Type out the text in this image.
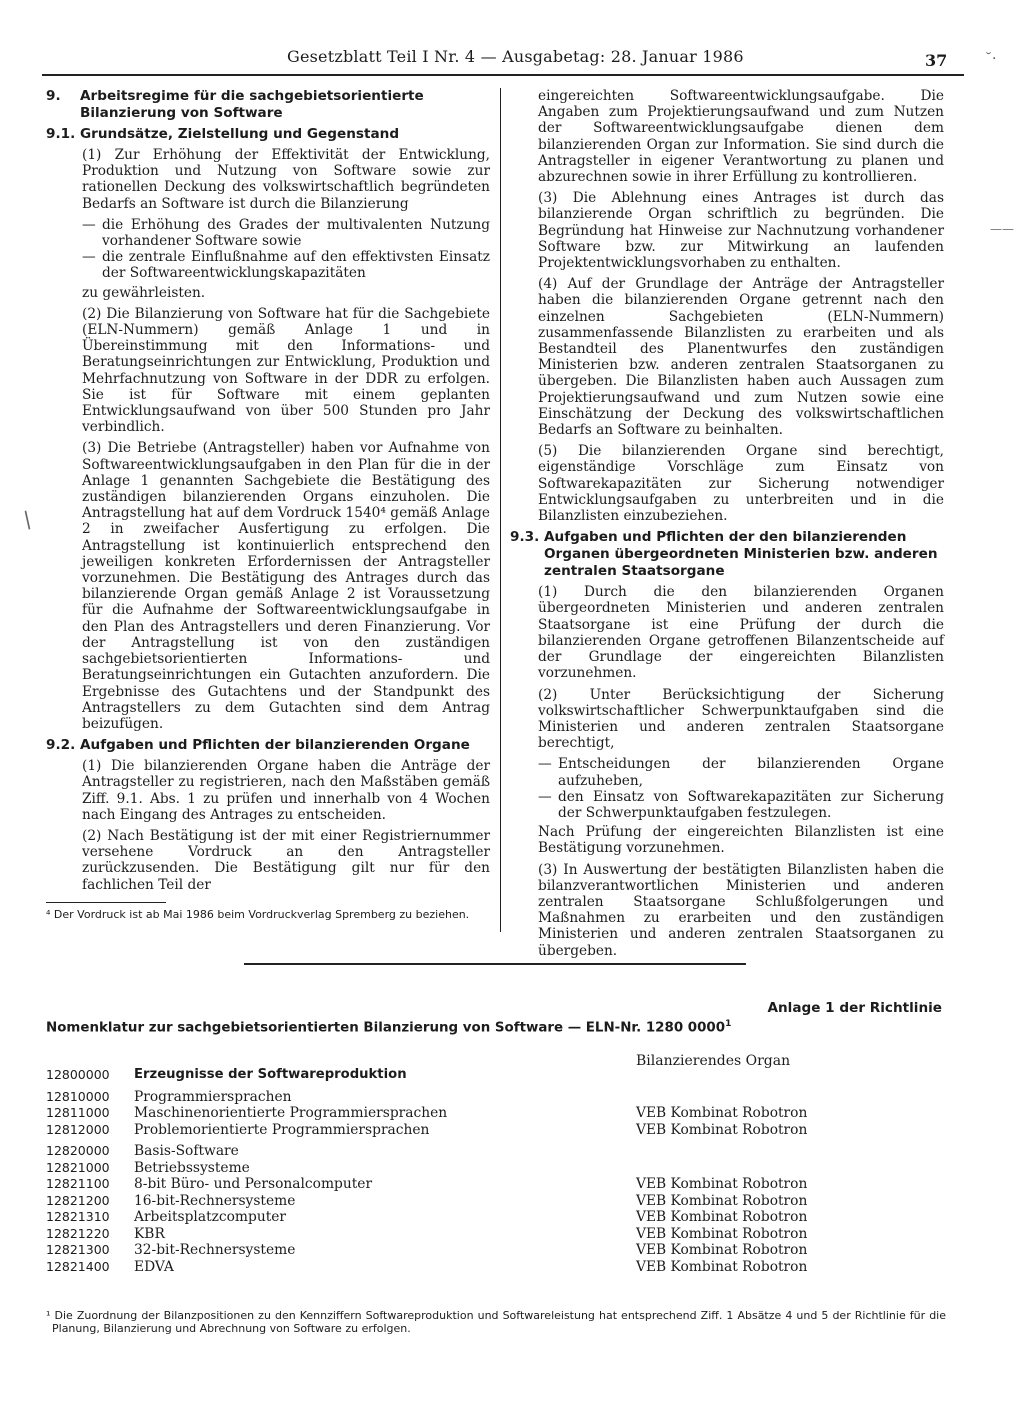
Gesetzblatt Teil I Nr. 4 — Ausgabetag: 28. Januar 1986	37	˘·
9.	Arbeitsregime für die sachgebietsorientierte Bilanzierung von Software
9.1. Grundsätze, Zielstellung und Gegenstand

(1) Zur Erhöhung der Effektivität der Entwicklung, Produktion und Nutzung von Software sowie zur rationellen Deckung des volkswirtschaftlich begründeten Bedarfs an Software ist durch die Bilanzierung

— die Erhöhung des Grades der multivalenten Nutzung vorhandener Software sowie
— die zentrale Einflußnahme auf den effektivsten Einsatz der Softwareentwicklungskapazitäten

zu gewährleisten.

(2) Die Bilanzierung von Software hat für die Sachgebiete (ELN-Nummern) gemäß Anlage 1 und in Übereinstimmung mit den Informations- und Beratungseinrichtungen zur Entwicklung, Produktion und Mehrfachnutzung von Software in der DDR zu erfolgen. Sie ist für Software mit einem geplanten Entwicklungsaufwand von über 500 Stunden pro Jahr verbindlich.

(3) Die Betriebe (Antragsteller) haben vor Aufnahme von Softwareentwicklungsaufgaben in den Plan für die in der Anlage 1 genannten Sachgebiete die Bestätigung des zuständigen bilanzierenden Organs einzuholen. Die Antragstellung hat auf dem Vordruck 1540⁴ gemäß Anlage 2 in zweifacher Ausfertigung zu erfolgen. Die Antragstellung ist kontinuierlich entsprechend den jeweiligen konkreten Erfordernissen der Antragsteller vorzunehmen. Die Bestätigung des Antrages durch das bilanzierende Organ gemäß Anlage 2 ist Voraussetzung für die Aufnahme der Softwareentwicklungsaufgabe in den Plan des Antragstellers und deren Finanzierung. Vor der Antragstellung ist von den zuständigen sachgebietsorientierten Informations- und Beratungseinrichtungen ein Gutachten anzufordern. Die Ergebnisse des Gutachtens und der Standpunkt des Antragstellers zu dem Gutachten sind dem Antrag beizufügen.

9.2. Aufgaben und Pflichten der bilanzierenden Organe

(1) Die bilanzierenden Organe haben die Anträge der Antragsteller zu registrieren, nach den Maßstäben gemäß Ziff. 9.1. Abs. 1 zu prüfen und innerhalb von 4 Wochen nach Eingang des Antrages zu entscheiden.

(2) Nach Bestätigung ist der mit einer Registriernummer versehene Vordruck an den Antragsteller zurückzusenden. Die Bestätigung gilt nur für den fachlichen Teil der

⁴ Der Vordruck ist ab Mai 1986 beim Vordruckverlag Spremberg zu beziehen.

eingereichten Softwareentwicklungsaufgabe. Die Angaben zum Projektierungsaufwand und zum Nutzen der Softwareentwicklungsaufgabe dienen dem bilanzierenden Organ zur Information. Sie sind durch die Antragsteller in eigener Verantwortung zu planen und abzurechnen sowie in ihrer Erfüllung zu kontrollieren.

(3) Die Ablehnung eines Antrages ist durch das bilanzierende Organ schriftlich zu begründen. Die Begründung hat Hinweise zur Nachnutzung vorhandener Software bzw. zur Mitwirkung an laufenden Projektentwicklungsvorhaben zu enthalten.

(4) Auf der Grundlage der Anträge der Antragsteller haben die bilanzierenden Organe getrennt nach den einzelnen Sachgebieten (ELN-Nummern) zusammenfassende Bilanzlisten zu erarbeiten und als Bestandteil des Planentwurfes den zuständigen Ministerien bzw. anderen zentralen Staatsorganen zu übergeben. Die Bilanzlisten haben auch Aussagen zum Projektierungsaufwand und zum Nutzen sowie eine Einschätzung der Deckung des volkswirtschaftlichen Bedarfs an Software zu beinhalten.

(5) Die bilanzierenden Organe sind berechtigt, eigenständige Vorschläge zum Einsatz von Softwarekapazitäten zur Sicherung notwendiger Entwicklungsaufgaben zu unterbreiten und in die Bilanzlisten einzubeziehen.

9.3. Aufgaben und Pflichten der den bilanzierenden Organen übergeordneten Ministerien bzw. anderen zentralen Staatsorgane

(1) Durch die den bilanzierenden Organen übergeordneten Ministerien und anderen zentralen Staatsorgane ist eine Prüfung der durch die bilanzierenden Organe getroffenen Bilanzentscheide auf der Grundlage der eingereichten Bilanzlisten vorzunehmen.

(2) Unter Berücksichtigung der Sicherung volkswirtschaftlicher Schwerpunktaufgaben sind die Ministerien und anderen zentralen Staatsorgane berechtigt,

— Entscheidungen der bilanzierenden Organe aufzuheben,
— den Einsatz von Softwarekapazitäten zur Sicherung der Schwerpunktaufgaben festzulegen.

Nach Prüfung der eingereichten Bilanzlisten ist eine Bestätigung vorzunehmen.

(3) In Auswertung der bestätigten Bilanzlisten haben die bilanzverantwortlichen Ministerien und anderen zentralen Staatsorgane Schlußfolgerungen und Maßnahmen zu erarbeiten und den zuständigen Ministerien und anderen zentralen Staatsorganen zu übergeben.

Anlage 1 der Richtlinie
Nomenklatur zur sachgebietsorientierten Bilanzierung von Software — ELN-Nr. 1280 0000$^1$
Bilanzierendes Organ
12800000	Erzeugnisse der Softwareproduktion
12810000	Programmiersprachen
12811000	Maschinenorientierte Programmiersprachen	VEB Kombinat Robotron
12812000	Problemorientierte Programmiersprachen	VEB Kombinat Robotron
12820000	Basis-Software
12821000	Betriebssysteme
12821100	8-bit Büro- und Personalcomputer	VEB Kombinat Robotron
12821200	16-bit-Rechnersysteme	VEB Kombinat Robotron
12821310	Arbeitsplatzcomputer	VEB Kombinat Robotron
12821220	KBR	VEB Kombinat Robotron
12821300	32-bit-Rechnersysteme	VEB Kombinat Robotron
12821400	EDVA	VEB Kombinat Robotron
¹ Die Zuordnung der Bilanzpositionen zu den Kennziffern Softwareproduktion und Softwareleistung hat entsprechend Ziff. 1 Absätze 4 und 5 der Richtlinie für die Planung, Bilanzierung und Abrechnung von Software zu erfolgen.
/
——
